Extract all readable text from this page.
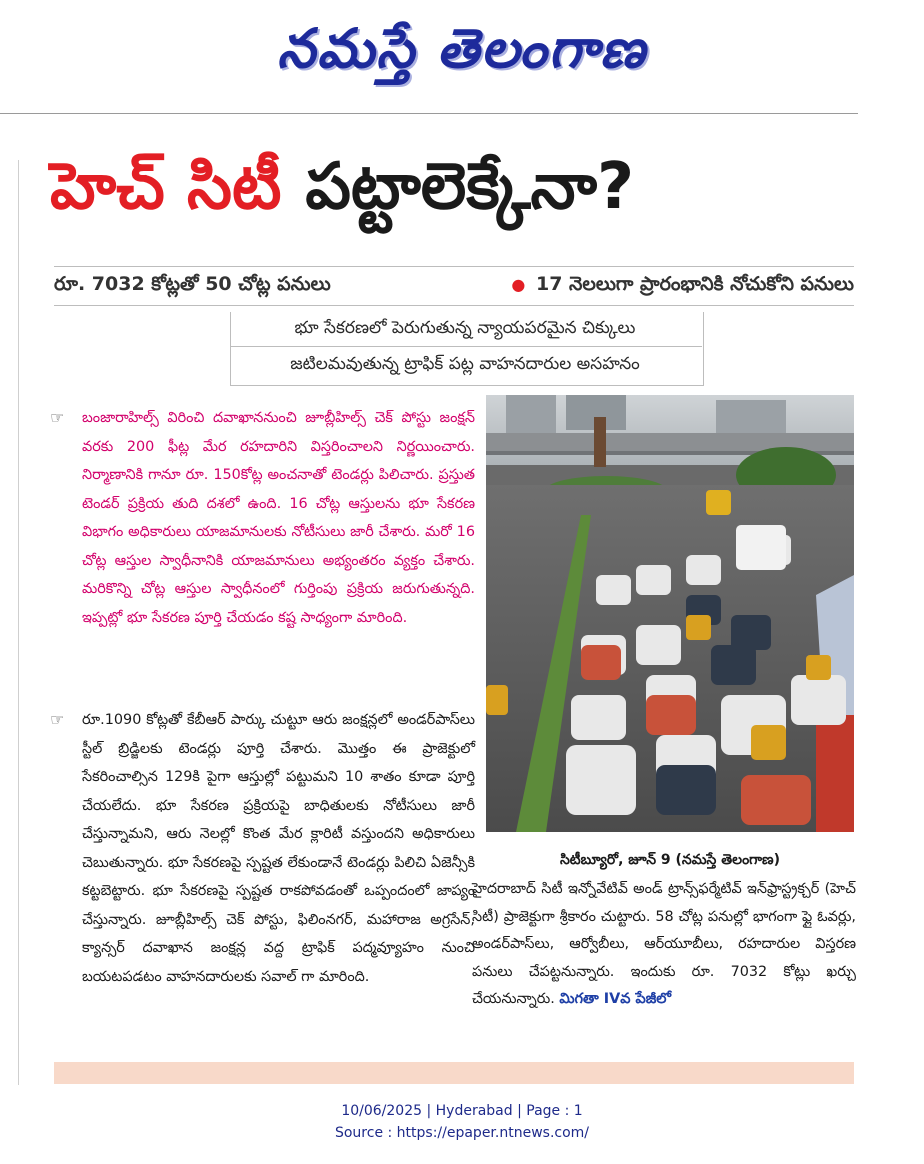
నమస్తే తెలంగాణ
హెచ్ సిటీ పట్టాలెక్కేనా?
రూ. 7032 కోట్లతో 50 చోట్ల పనులు	● 17 నెలలుగా ప్రారంభానికి నోచుకోని పనులు
భూ సేకరణలో పెరుగుతున్న న్యాయపరమైన చిక్కులు
జటిలమవుతున్న ట్రాఫిక్ పట్ల వాహనదారుల అసహనం
☞ బంజారాహిల్స్ విరించి దవాఖాననుంచి జూబ్లీహిల్స్ చెక్ పోస్టు జంక్షన్ వరకు 200 ఫీట్ల మేర రహదారిని విస్తరించాలని నిర్ణయించారు. నిర్మాణానికి గానూ రూ. 150కోట్ల అంచనాతో టెండర్లు పిలిచారు. ప్రస్తుత టెండర్ ప్రక్రియ తుది దశలో ఉంది. 16 చోట్ల ఆస్తులను భూ సేకరణ విభాగం అధికారులు యాజమానులకు నోటీసులు జారీ చేశారు. మరో 16 చోట్ల ఆస్తుల స్వాధీనానికి యాజమానులు అభ్యంతరం వ్యక్తం చేశారు. మరికొన్ని చోట్ల ఆస్తుల స్వాధీనంలో గుర్తింపు ప్రక్రియ జరుగుతున్నది. ఇప్పట్లో భూ సేకరణ పూర్తి చేయడం కష్ట సాధ్యంగా మారింది.

☞ రూ.1090 కోట్లతో కేబీఆర్ పార్కు చుట్టూ ఆరు జంక్షన్లలో అండర్‌పాస్‌లు స్టీల్ బ్రిడ్జిలకు టెండర్లు పూర్తి చేశారు. మొత్తం ఈ ప్రాజెక్టులో సేకరించాల్సిన 129కి పైగా ఆస్తుల్లో పట్టుమని 10 శాతం కూడా పూర్తి చేయలేదు. భూ సేకరణ ప్రక్రియపై బాధితులకు నోటీసులు జారీ చేస్తున్నామని, ఆరు నెలల్లో కొంత మేర క్లారిటీ వస్తుందని అధికారులు చెబుతున్నారు. భూ సేకరణపై స్పష్టత లేకుండానే టెండర్లు పిలిచి ఏజెన్సీకి కట్టబెట్టారు. భూ సేకరణపై స్పష్టత రాకపోవడంతో ఒప్పందంలో జాప్యం చేస్తున్నారు. జూబ్లీహిల్స్ చెక్ పోస్టు, ఫిలింనగర్, మహారాజ అగ్రసేన్, క్యాన్సర్ దవాఖాన జంక్షన్ల వద్ద ట్రాఫిక్ పద్మవ్యూహం నుంచి బయటపడటం వాహనదారులకు సవాల్ గా మారింది.

సిటీబ్యూరో, జూన్ 9 (నమస్తే తెలంగాణ)
హైదరాబాద్ సిటీ ఇన్నోవేటివ్ అండ్ ట్రాన్స్‌ఫర్మేటివ్ ఇన్‌ఫ్రాస్ట్రక్చర్ (హెచ్ సిటీ) ప్రాజెక్టుగా శ్రీకారం చుట్టారు. 58 చోట్ల పనుల్లో భాగంగా ఫ్లై ఓవర్లు, అండర్‌పాస్‌లు, ఆర్వోబీలు, ఆర్‌యూబీలు, రహదారుల విస్తరణ పనులు చేపట్టనున్నారు. ఇందుకు రూ. 7032 కోట్లు ఖర్చు చేయనున్నారు. మిగతా IVవ పేజీలో
10/06/2025 | Hyderabad | Page : 1
Source : https://epaper.ntnews.com/
